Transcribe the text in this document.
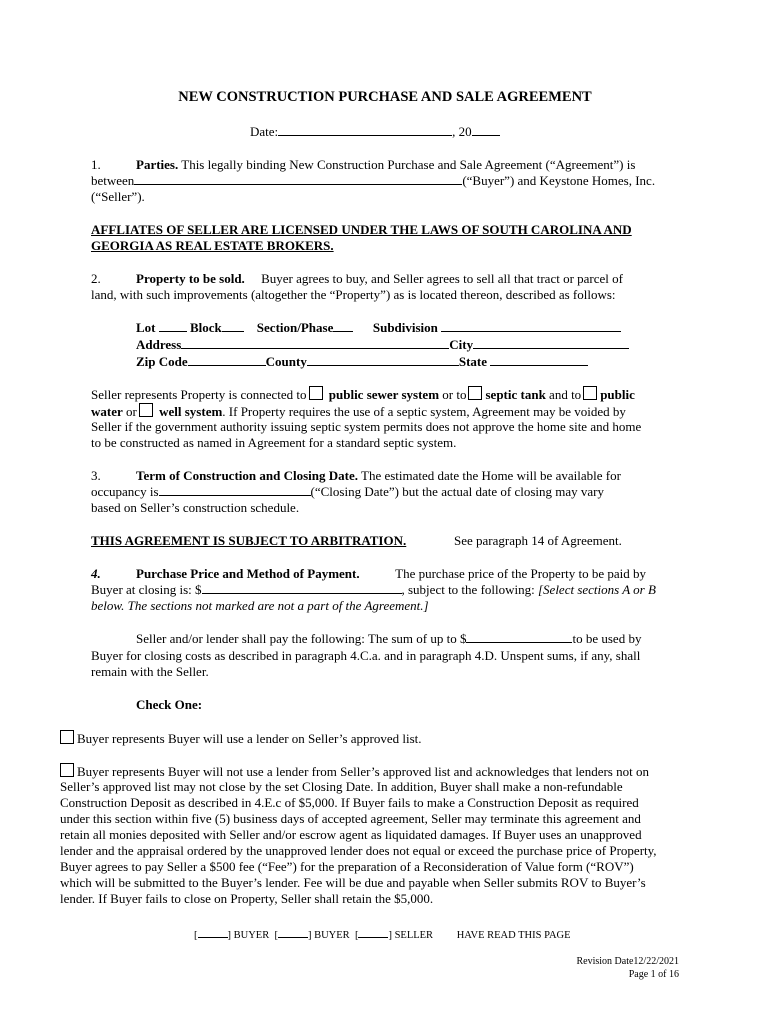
NEW CONSTRUCTION PURCHASE AND SALE AGREEMENT
Date:	, 20
1.	Parties. This legally binding New Construction Purchase and Sale Agreement (“Agreement”) is
between	(“Buyer”) and Keystone Homes, Inc.
(“Seller”).
AFFLIATES OF SELLER ARE LICENSED UNDER THE LAWS OF SOUTH CAROLINA AND
GEORGIA AS REAL ESTATE BROKERS.
2.	Property to be sold. Buyer agrees to buy, and Seller agrees to sell all that tract or parcel of
land, with such improvements (altogether the “Property”) as is located thereon, described as follows:
Lot	Block	Section/Phase	Subdivision
Address	City
Zip Code	County	State
Seller represents Property is connected to public sewer system or to septic tank and to public
water or well system. If Property requires the use of a septic system, Agreement may be voided by
Seller if the government authority issuing septic system permits does not approve the home site and home
to be constructed as named in Agreement for a standard septic system.
3.	Term of Construction and Closing Date. The estimated date the Home will be available for
occupancy is	(“Closing Date”) but the actual date of closing may vary
based on Seller’s construction schedule.
THIS AGREEMENT IS SUBJECT TO ARBITRATION.	See paragraph 14 of Agreement.
4.	Purchase Price and Method of Payment.	The purchase price of the Property to be paid by
Buyer at closing is: $	, subject to the following: [Select sections A or B
below. The sections not marked are not a part of the Agreement.]
Seller and/or lender shall pay the following: The sum of up to $	to be used by
Buyer for closing costs as described in paragraph 4.C.a. and in paragraph 4.D. Unspent sums, if any, shall
remain with the Seller.
Check One:
Buyer represents Buyer will use a lender on Seller’s approved list.
Buyer represents Buyer will not use a lender from Seller’s approved list and acknowledges that lenders not on
Seller’s approved list may not close by the set Closing Date. In addition, Buyer shall make a non-refundable
Construction Deposit as described in 4.E.c of $5,000. If Buyer fails to make a Construction Deposit as required
under this section within five (5) business days of accepted agreement, Seller may terminate this agreement and
retain all monies deposited with Seller and/or escrow agent as liquidated damages. If Buyer uses an unapproved
lender and the appraisal ordered by the unapproved lender does not equal or exceed the purchase price of Property,
Buyer agrees to pay Seller a $500 fee (“Fee”) for the preparation of a Reconsideration of Value form (“ROV”)
which will be submitted to the Buyer’s lender. Fee will be due and payable when Seller submits ROV to Buyer’s
lender. If Buyer fails to close on Property, Seller shall retain the $5,000.
[	] BUYER [	] BUYER [	] SELLER HAVE READ THIS PAGE
Revision Date12/22/2021
Page 1 of 16
